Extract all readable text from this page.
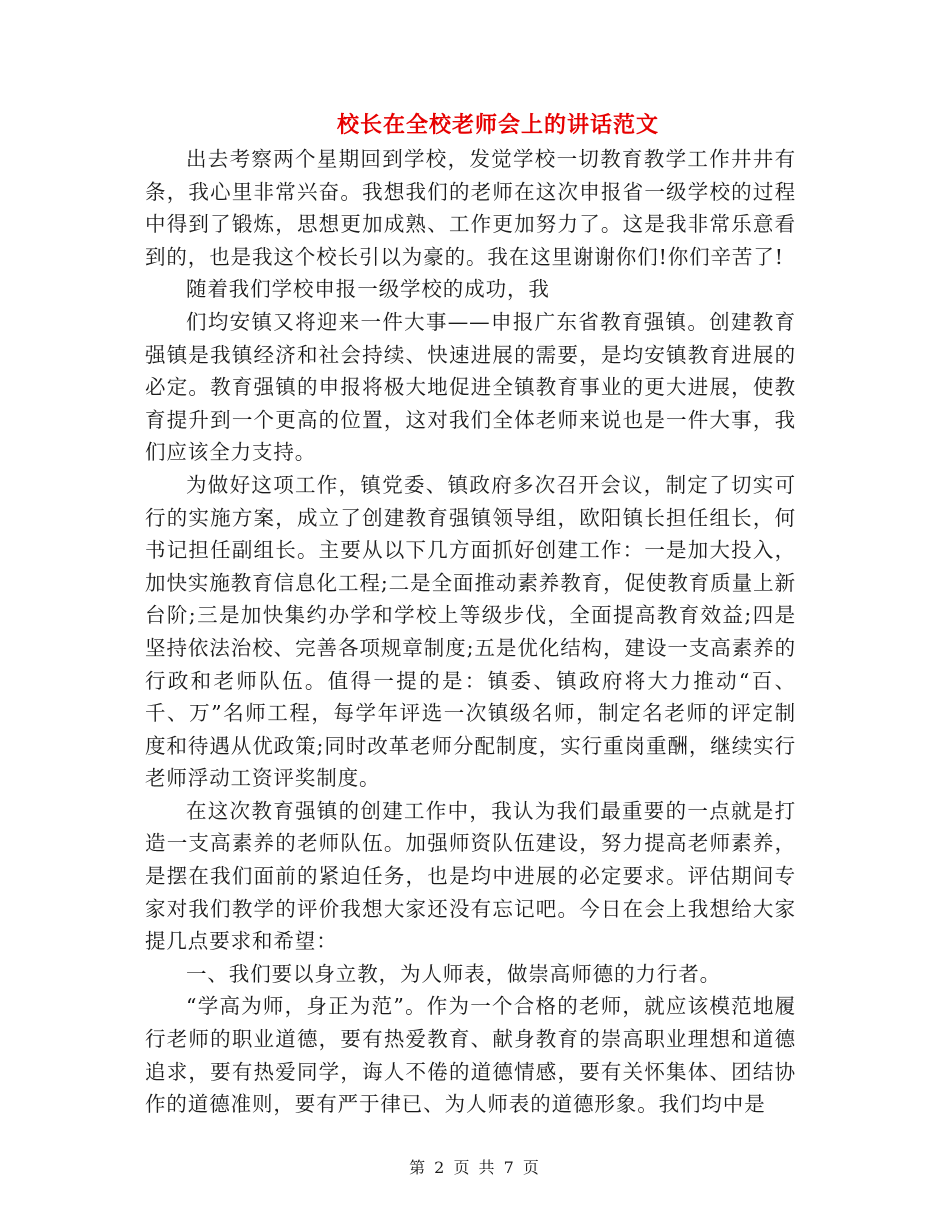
校长在全校老师会上的讲话范文

出去考察两个星期回到学校，发觉学校一切教育教学工作井井有条，我心里非常兴奋。我想我们的老师在这次申报省一级学校的过程中得到了锻炼，思想更加成熟、工作更加努力了。这是我非常乐意看到的，也是我这个校长引以为豪的。我在这里谢谢你们!你们辛苦了!

随着我们学校申报一级学校的成功，我

们均安镇又将迎来一件大事——申报广东省教育强镇。创建教育强镇是我镇经济和社会持续、快速进展的需要，是均安镇教育进展的必定。教育强镇的申报将极大地促进全镇教育事业的更大进展，使教育提升到一个更高的位置，这对我们全体老师来说也是一件大事，我们应该全力支持。

为做好这项工作，镇党委、镇政府多次召开会议，制定了切实可行的实施方案，成立了创建教育强镇领导组，欧阳镇长担任组长，何书记担任副组长。主要从以下几方面抓好创建工作：一是加大投入，加快实施教育信息化工程;二是全面推动素养教育，促使教育质量上新台阶;三是加快集约办学和学校上等级步伐，全面提高教育效益;四是坚持依法治校、完善各项规章制度;五是优化结构，建设一支高素养的行政和老师队伍。值得一提的是：镇委、镇政府将大力推动“百、千、万”名师工程，每学年评选一次镇级名师，制定名老师的评定制度和待遇从优政策;同时改革老师分配制度，实行重岗重酬，继续实行老师浮动工资评奖制度。

在这次教育强镇的创建工作中，我认为我们最重要的一点就是打造一支高素养的老师队伍。加强师资队伍建设，努力提高老师素养，是摆在我们面前的紧迫任务，也是均中进展的必定要求。评估期间专家对我们教学的评价我想大家还没有忘记吧。今日在会上我想给大家提几点要求和希望：

一、我们要以身立教，为人师表，做崇高师德的力行者。

“学高为师，身正为范”。作为一个合格的老师，就应该模范地履行老师的职业道德，要有热爱教育、献身教育的崇高职业理想和道德追求，要有热爱同学，诲人不倦的道德情感，要有关怀集体、团结协作的道德准则，要有严于律已、为人师表的道德形象。我们均中是

第 2 页 共 7 页
